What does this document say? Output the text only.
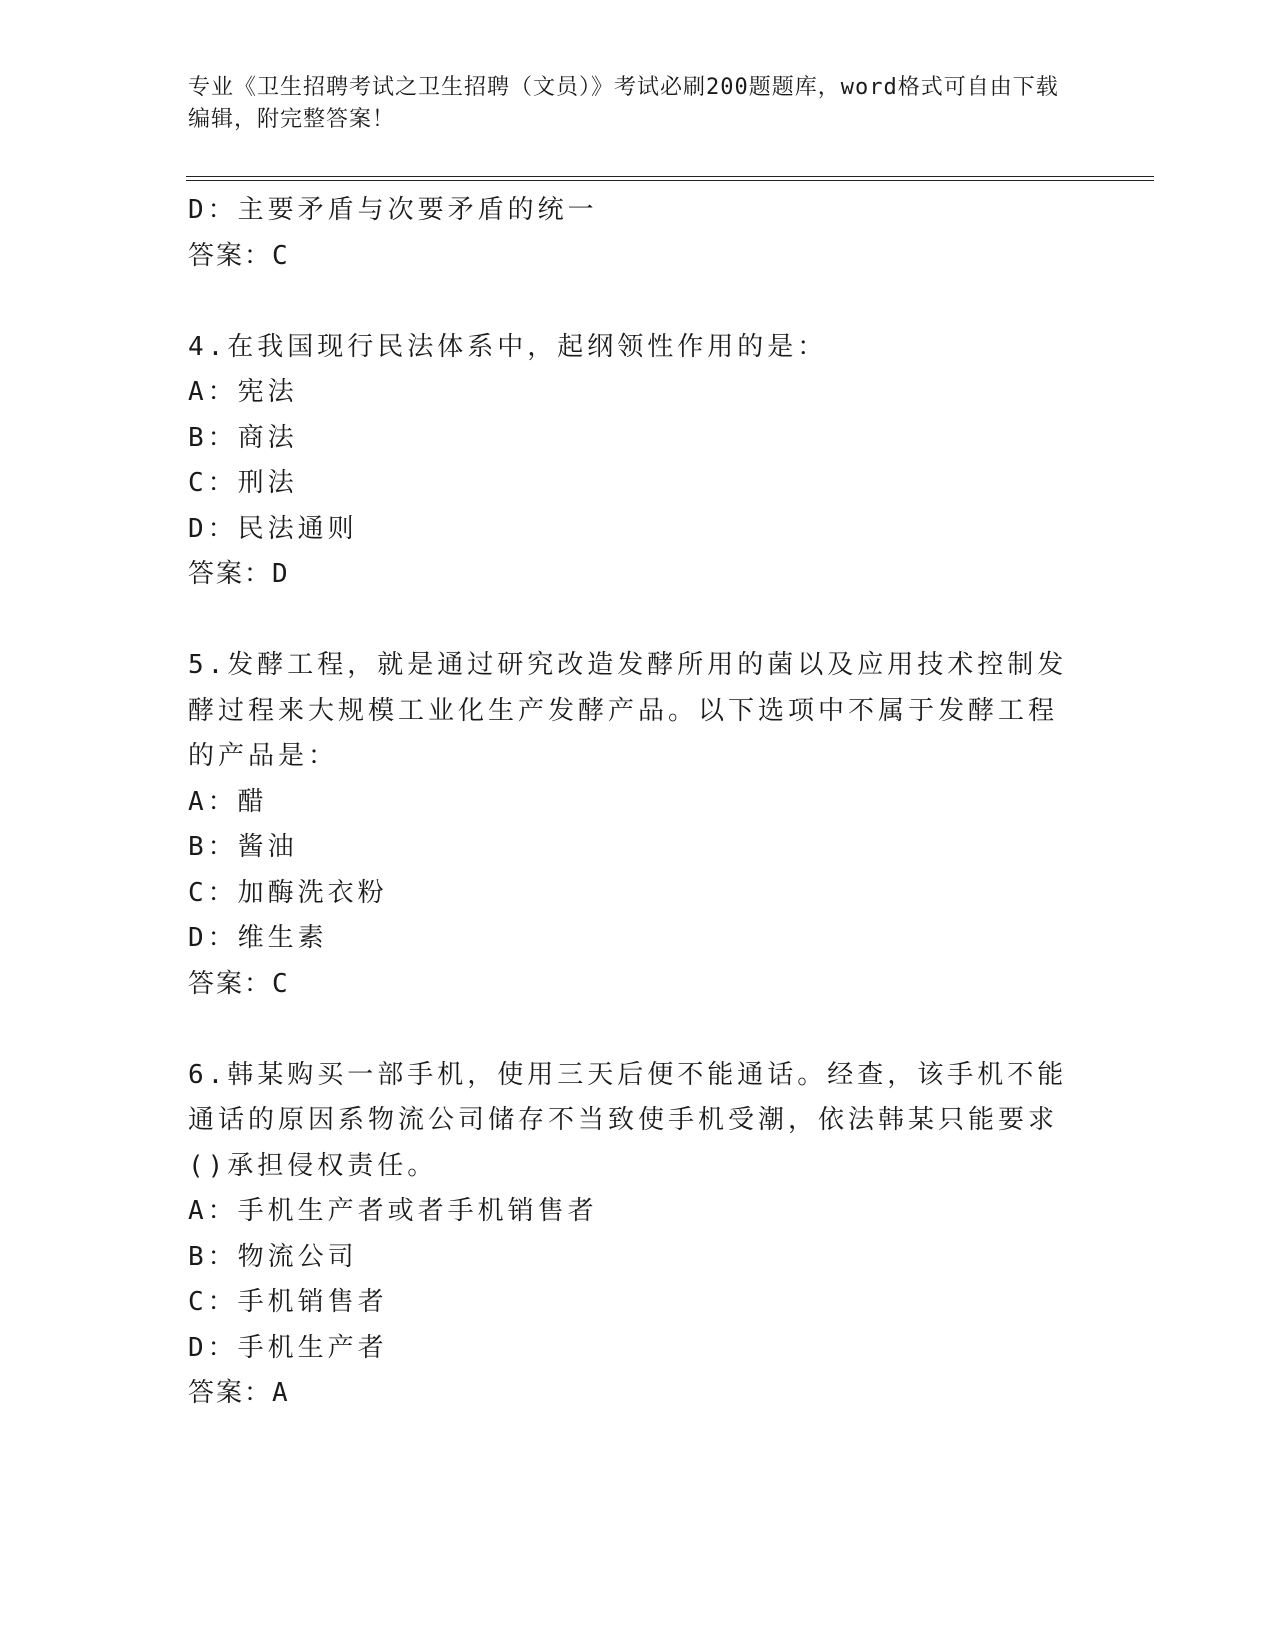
专业《卫生招聘考试之卫生招聘（文员）》考试必刷200题题库，word格式可自由下载编辑，附完整答案！
D：主要矛盾与次要矛盾的统一
答案：C
4.在我国现行民法体系中，起纲领性作用的是：
A：宪法
B：商法
C：刑法
D：民法通则
答案：D
5.发酵工程，就是通过研究改造发酵所用的菌以及应用技术控制发酵过程来大规模工业化生产发酵产品。以下选项中不属于发酵工程的产品是：
A：醋
B：酱油
C：加酶洗衣粉
D：维生素
答案：C
6.韩某购买一部手机，使用三天后便不能通话。经查，该手机不能通话的原因系物流公司储存不当致使手机受潮，依法韩某只能要求()承担侵权责任。
A：手机生产者或者手机销售者
B：物流公司
C：手机销售者
D：手机生产者
答案：A
